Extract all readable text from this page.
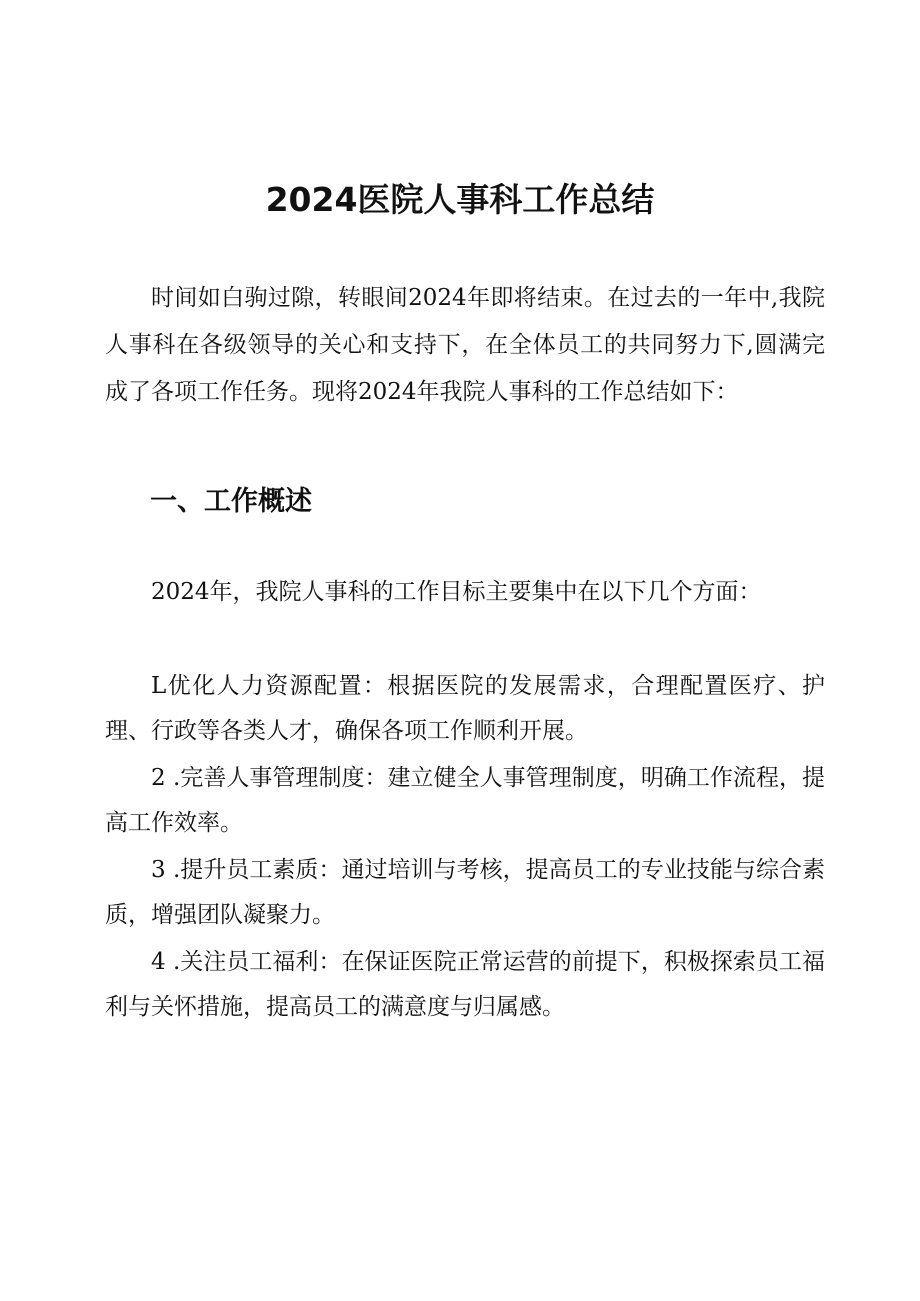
2024医院人事科工作总结

时间如白驹过隙，转眼间2024年即将结束。在过去的一年中,我院人事科在各级领导的关心和支持下，在全体员工的共同努力下,圆满完成了各项工作任务。现将2024年我院人事科的工作总结如下：

一、工作概述

2024年，我院人事科的工作目标主要集中在以下几个方面：

L优化人力资源配置：根据医院的发展需求，合理配置医疗、护理、行政等各类人才，确保各项工作顺利开展。
2 .完善人事管理制度：建立健全人事管理制度，明确工作流程，提高工作效率。
3 .提升员工素质：通过培训与考核，提高员工的专业技能与综合素质，增强团队凝聚力。
4 .关注员工福利：在保证医院正常运营的前提下，积极探索员工福利与关怀措施，提高员工的满意度与归属感。
